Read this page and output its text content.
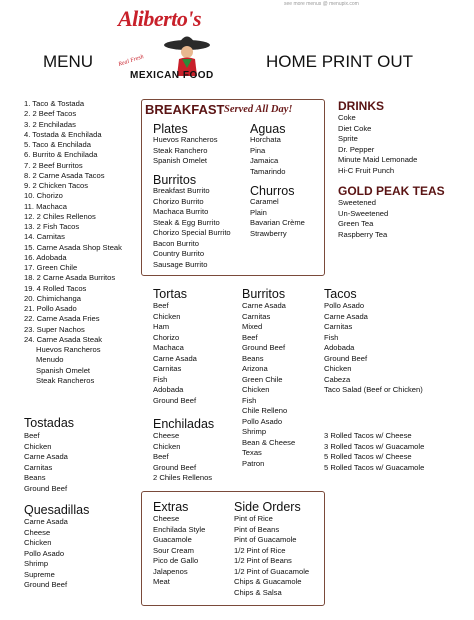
see more menus @ menupix.com
Aliberto's
Real Fresh
MEXICAN FOOD
MENU	HOME PRINT OUT
1. Taco & Tostada
2. 2 Beef Tacos
3. 2 Enchiladas
4. Tostada & Enchilada
5. Taco & Enchilada
6. Burrito & Enchilada
7. 2 Beef Burritos
8. 2 Carne Asada Tacos
9. 2 Chicken Tacos
10. Chorizo
11. Machaca
12. 2 Chiles Rellenos
13. 2 Fish Tacos
14. Carnitas
15. Carne Asada Shop Steak
16. Adobada
17. Green Chile
18. 2 Carne Asada Burritos
19. 4 Rolled Tacos
20. Chimichanga
21. Pollo Asado
22. Carne Asada Fries
23. Super Nachos
24. Carne Asada Steak
Huevos Rancheros
Menudo
Spanish Omelet
Steak Rancheros
Tostadas
Beef
Chicken
Carne Asada
Carnitas
Beans
Ground Beef
Quesadillas
Carne Asada
Cheese
Chicken
Pollo Asado
Shrimp
Supreme
Ground Beef
BREAKFAST Served All Day!
Plates
Huevos Rancheros
Steak Ranchero
Spanish Omelet
Burritos
Breakfast Burrito
Chorizo Burrito
Machaca Burrito
Steak & Egg Burrito
Chorizo Special Burrito
Bacon Burrito
Country Burrito
Sausage Burrito
Aguas
Horchata
Pina
Jamaica
Tamarindo
Churros
Caramel
Plain
Bavarian Crème
Strawberry
DRINKS
Coke
Diet Coke
Sprite
Dr. Pepper
Minute Maid Lemonade
Hi-C Fruit Punch
GOLD PEAK TEAS
Sweetened
Un-Sweetened
Green Tea
Raspberry Tea
Tortas
Beef
Chicken
Ham
Chorizo
Machaca
Carne Asada
Carnitas
Fish
Adobada
Ground Beef
Burritos
Carne Asada
Carnitas
Mixed
Beef
Ground Beef
Beans
Arizona
Green Chile
Chicken
Fish
Chile Relleno
Pollo Asado
Shrimp
Bean & Cheese
Texas
Patron
Tacos
Pollo Asado
Carne Asada
Carnitas
Fish
Adobada
Ground Beef
Chicken
Cabeza
Taco Salad (Beef or Chicken)
3 Rolled Tacos w/ Cheese
3 Rolled Tacos w/ Guacamole
5 Rolled Tacos w/ Cheese
5 Rolled Tacos w/ Guacamole
Enchiladas
Cheese
Chicken
Beef
Ground Beef
2 Chiles Rellenos
Extras
Cheese
Enchilada Style
Guacamole
Sour Cream
Pico de Gallo
Jalapenos
Meat
Side Orders
Pint of Rice
Pint of Beans
Pint of Guacamole
1/2 Pint of Rice
1/2 Pint of Beans
1/2 Pint of Guacamole
Chips & Guacamole
Chips & Salsa
